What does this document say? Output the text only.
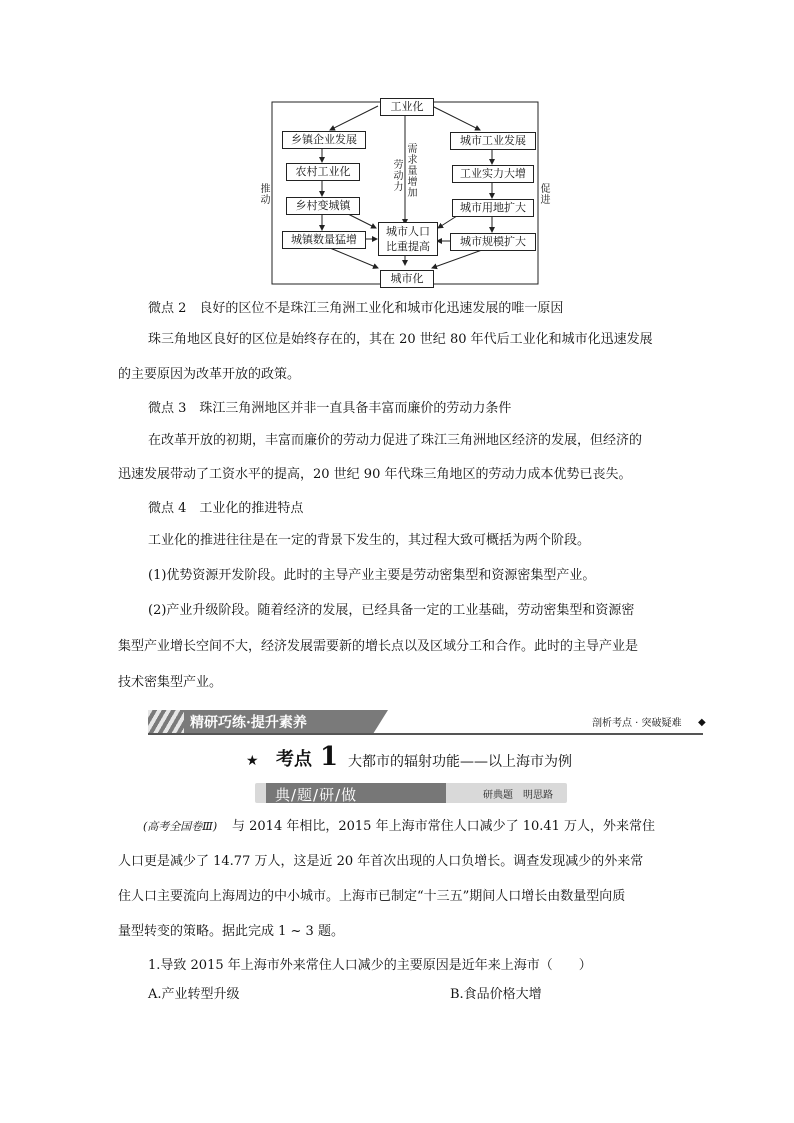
工业化
乡镇企业发展
农村工业化
乡村变城镇
城镇数量猛增
城市工业发展
工业实力大增
城市用地扩大
城市规模扩大
城市人口
比重提高
城市化
劳动力
需求量增加
推动
促进
微点 2　良好的区位不是珠江三角洲工业化和城市化迅速发展的唯一原因
珠三角地区良好的区位是始终存在的，其在 20 世纪 80 年代后工业化和城市化迅速发展
的主要原因为改革开放的政策。
微点 3　珠江三角洲地区并非一直具备丰富而廉价的劳动力条件
在改革开放的初期，丰富而廉价的劳动力促进了珠江三角洲地区经济的发展，但经济的
迅速发展带动了工资水平的提高，20 世纪 90 年代珠三角地区的劳动力成本优势已丧失。
微点 4　工业化的推进特点
工业化的推进往往是在一定的背景下发生的，其过程大致可概括为两个阶段。
(1)优势资源开发阶段。此时的主导产业主要是劳动密集型和资源密集型产业。
(2)产业升级阶段。随着经济的发展，已经具备一定的工业基础，劳动密集型和资源密
集型产业增长空间不大，经济发展需要新的增长点以及区域分工和合作。此时的主导产业是
技术密集型产业。
精研巧练·提升素养	剖析考点 · 突破疑难 ◆
★ 考点 1 大都市的辐射功能——以上海市为例
典/题/研/做	研典题　明思路
(高考全国卷Ⅲ) 与 2014 年相比，2015 年上海市常住人口减少了 10.41 万人，外来常住
人口更是减少了 14.77 万人，这是近 20 年首次出现的人口负增长。调查发现减少的外来常
住人口主要流向上海周边的中小城市。上海市已制定“十三五”期间人口增长由数量型向质
量型转变的策略。据此完成 1 ~ 3 题。
1.导致 2015 年上海市外来常住人口减少的主要原因是近年来上海市（　　）
A.产业转型升级	B.食品价格大增
